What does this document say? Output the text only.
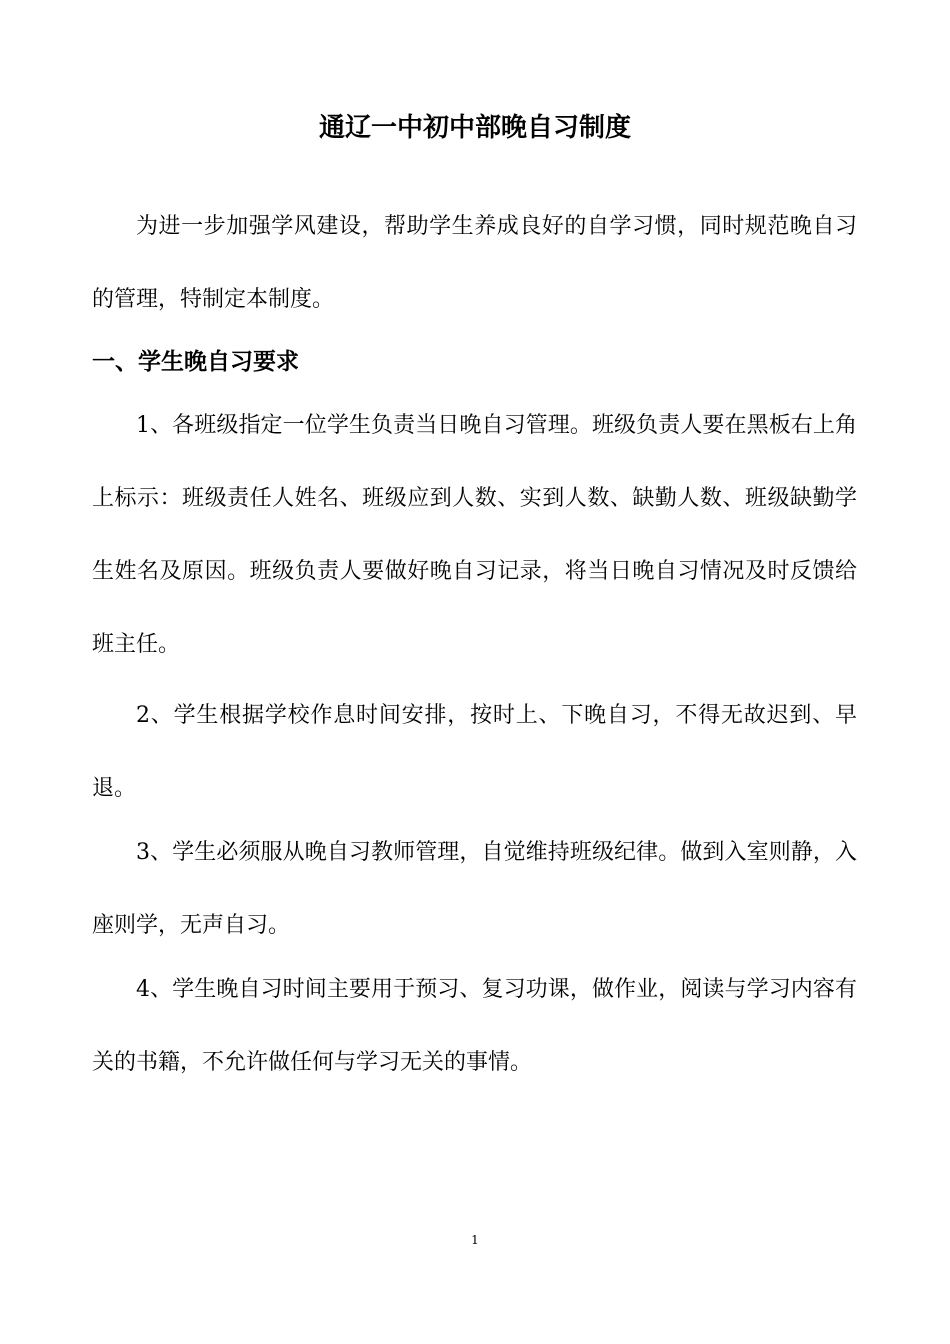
通辽一中初中部晚自习制度

为进一步加强学风建设，帮助学生养成良好的自学习惯，同时规范晚自习的管理，特制定本制度。

一、学生晚自习要求

1、各班级指定一位学生负责当日晚自习管理。班级负责人要在黑板右上角上标示：班级责任人姓名、班级应到人数、实到人数、缺勤人数、班级缺勤学生姓名及原因。班级负责人要做好晚自习记录，将当日晚自习情况及时反馈给班主任。

2、学生根据学校作息时间安排，按时上、下晚自习，不得无故迟到、早退。

3、学生必须服从晚自习教师管理，自觉维持班级纪律。做到入室则静，入座则学，无声自习。

4、学生晚自习时间主要用于预习、复习功课，做作业，阅读与学习内容有关的书籍，不允许做任何与学习无关的事情。

1
